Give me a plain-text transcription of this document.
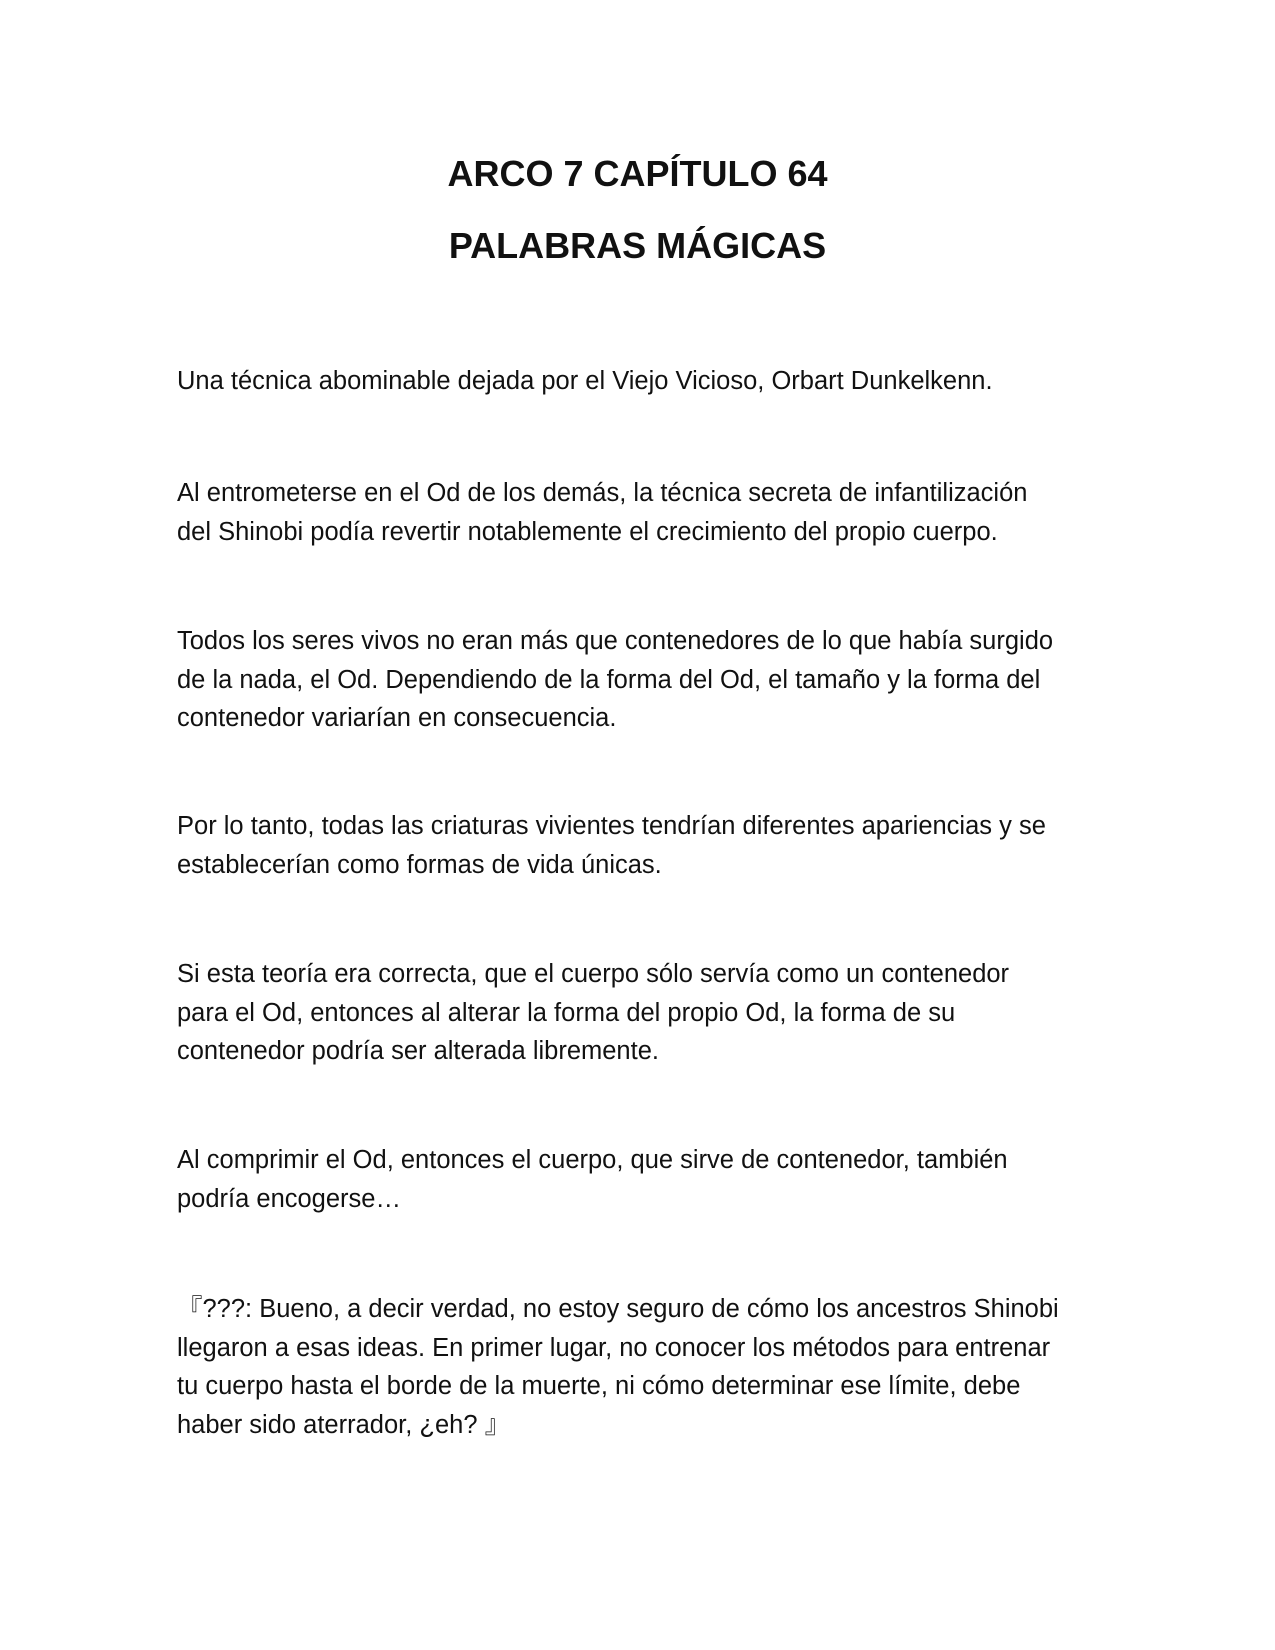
ARCO 7 CAPÍTULO 64
PALABRAS MÁGICAS

Una técnica abominable dejada por el Viejo Vicioso, Orbart Dunkelkenn.

Al entrometerse en el Od de los demás, la técnica secreta de infantilización
del Shinobi podía revertir notablemente el crecimiento del propio cuerpo.

Todos los seres vivos no eran más que contenedores de lo que había surgido
de la nada, el Od. Dependiendo de la forma del Od, el tamaño y la forma del
contenedor variarían en consecuencia.

Por lo tanto, todas las criaturas vivientes tendrían diferentes apariencias y se
establecerían como formas de vida únicas.

Si esta teoría era correcta, que el cuerpo sólo servía como un contenedor
para el Od, entonces al alterar la forma del propio Od, la forma de su
contenedor podría ser alterada libremente.

Al comprimir el Od, entonces el cuerpo, que sirve de contenedor, también
podría encogerse…

『???: Bueno, a decir verdad, no estoy seguro de cómo los ancestros Shinobi
llegaron a esas ideas. En primer lugar, no conocer los métodos para entrenar
tu cuerpo hasta el borde de la muerte, ni cómo determinar ese límite, debe
haber sido aterrador, ¿eh? 』
